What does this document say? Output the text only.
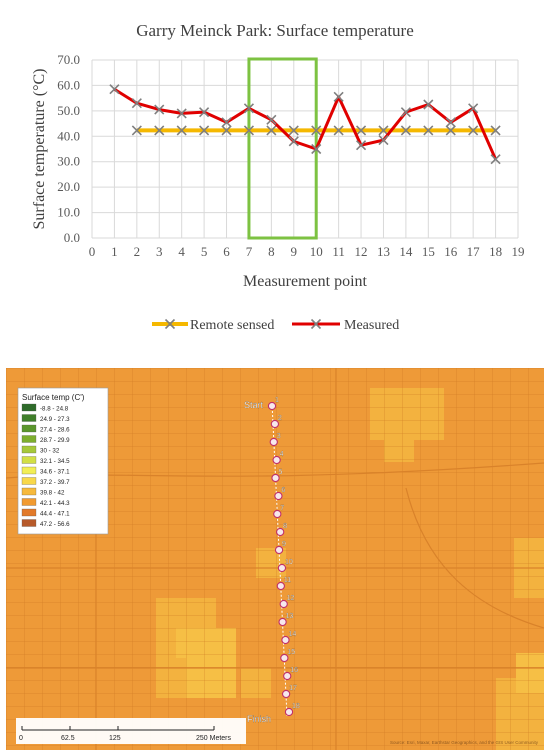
Garry Meinck Park: Surface temperature
0 1 2 3 4 5 6 7 8 9 10 11 12 13 14 15 16 17 18 19
0.0
10.0
20.0
30.0
40.0
50.0
60.0
70.0
Measurement point
Surface temperature (°C)
Remote sensed	Measured
1
2
3
4
5
6
7
8
9
10
11
12
13
14
15
16
17
18
Start
Finish
Surface temp (C')
-8.8 - 24.8
24.9 - 27.3
27.4 - 28.6
28.7 - 29.9
30 - 32
32.1 - 34.5
34.6 - 37.1
37.2 - 39.7
39.8 - 42
42.1 - 44.3
44.4 - 47.1
47.2 - 56.6
0	62.5	125	250 Meters
Source: Esri, Maxar, Earthstar Geographics, and the GIS User Community
